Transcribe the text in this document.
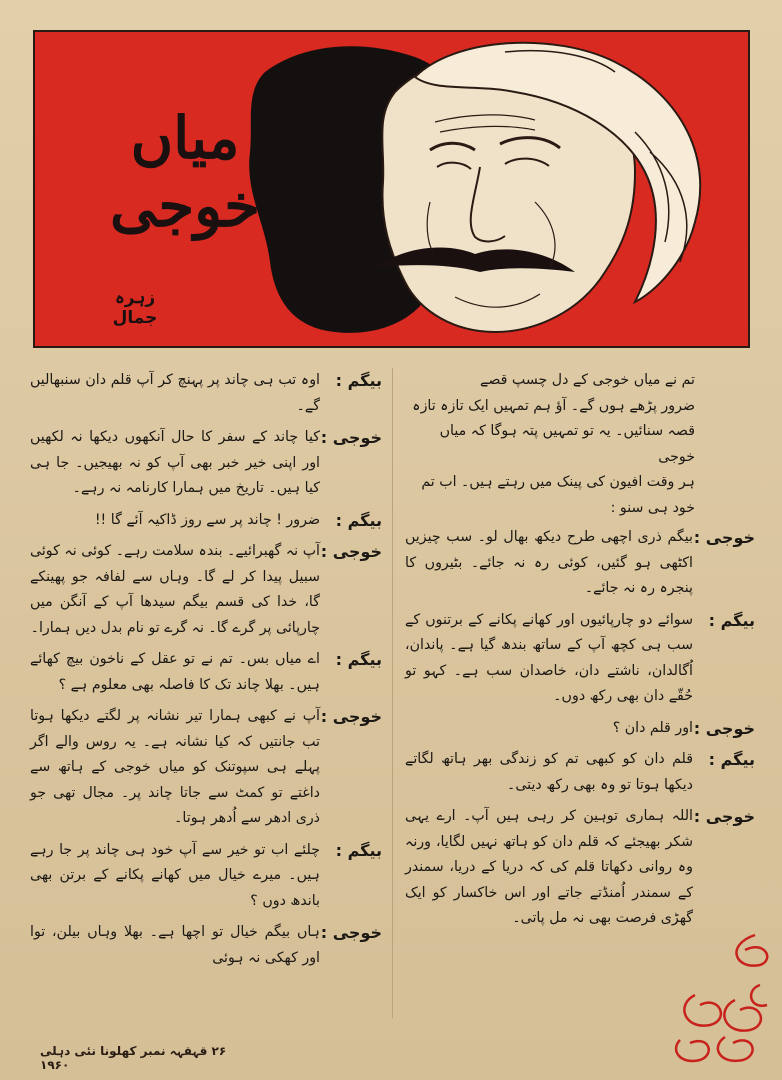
میاں خوجی
زہرہ جمال
تم نے میاں خوجی کے دل چسپ قصے
ضرور پڑھے ہوں گے۔ آؤ ہم تمہیں ایک تازہ تازہ
قصہ سنائیں۔ یہ تو تمہیں پتہ ہوگا کہ میاں خوجی
ہر وقت افیون کی پینک میں رہتے ہیں۔ اب تم
خود ہی سنو :
خوجی :
بیگم ذری اچھی طرح دیکھ بھال لو۔ سب چیزیں اکٹھی ہو گئیں، کوئی رہ نہ جائے۔ بٹیروں کا پنجرہ رہ نہ جائے۔
بیگم :
سوائے دو چارپائیوں اور کھانے پکانے کے برتنوں کے سب ہی کچھ آپ کے ساتھ بندھ گیا ہے۔ پاندان، اُگالدان، ناشتے دان، خاصدان سب ہے۔ کہو تو حُقّے دان بھی رکھ دوں۔
خوجی :
اور قلم دان ؟
بیگم :
قلم دان کو کبھی تم کو زندگی بھر ہاتھ لگاتے دیکھا ہوتا تو وہ بھی رکھ دیتی۔
خوجی :
اللہ ہماری توہین کر رہی ہیں آپ۔ ارے یہی شکر بھیجئے کہ قلم دان کو ہاتھ نہیں لگایا، ورنہ وہ روانی دکھاتا قلم کی کہ دریا کے دریا، سمندر کے سمندر اُمنڈتے جاتے اور اس خاکسار کو ایک گھڑی فرصت بھی نہ مل پاتی۔
بیگم :
اوہ تب ہی چاند پر پہنچ کر آپ قلم دان سنبھالیں گے۔
خوجی :
کیا چاند کے سفر کا حال آنکھوں دیکھا نہ لکھیں اور اپنی خیر خبر بھی آپ کو نہ بھیجیں۔ جا ہی کیا ہیں۔ تاریخ میں ہمارا کارنامہ نہ رہے۔
بیگم :
ضرور ! چاند پر سے روز ڈاکیہ آئے گا !!
خوجی :
آپ نہ گھبرائیے۔ بندہ سلامت رہے۔ کوئی نہ کوئی سبیل پیدا کر لے گا۔ وہاں سے لفافہ جو پھینکے گا، خدا کی قسم بیگم سیدھا آپ کے آنگن میں چارپائی پر گرے گا۔ نہ گرے تو نام بدل دیں ہمارا۔
بیگم :
اے میاں بس۔ تم نے تو عقل کے ناخون بیچ کھائے ہیں۔ بھلا چاند تک کا فاصلہ بھی معلوم ہے ؟
خوجی :
آپ نے کبھی ہمارا تیر نشانہ پر لگتے دیکھا ہوتا تب جانتیں کہ کیا نشانہ ہے۔ یہ روس والے اگر پہلے ہی سپوتنک کو میاں خوجی کے ہاتھ سے داغتے تو کمٹ سے جاتا چاند پر۔ مجال تھی جو ذری ادھر سے اُدھر ہوتا۔
بیگم :
چلئے اب تو خیر سے آپ خود ہی چاند پر جا رہے ہیں۔ میرے خیال میں کھانے پکانے کے برتن بھی باندھ دوں ؟
خوجی :
ہاں بیگم خیال تو اچھا ہے۔ بھلا وہاں بیلن، توا اور کھکی نہ ہوئی
۲۶ قہقہہ نمبر کھلونا نئی دہلی ۱۹۶۰
